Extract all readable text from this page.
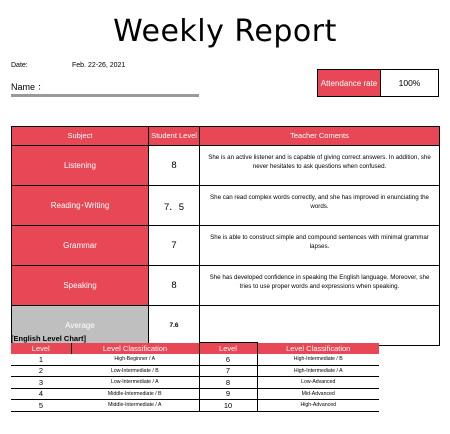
Weekly Report
Date:	Feb. 22-26, 2021
Name ：	Attendance rate	100%
Subject	Student Level	Teacher Coments
Listening	8	She is an active listener and is capable of giving correct answers. In addition, she never hesitates to ask questions when confused.
Reading･Writing	7．5	She can read complex words correctly, and she has improved in enunciating the words.
Grammar	7	She is able to construct simple and compound sentences with minimal grammar lapses.
Speaking	8	She has developed confidence in speaking the English language. Moreover, she tries to use proper words and expressions when speaking.
Average	7.6	
[English Level Chart]
Level	Level Classification	Level	Level Classification
1	High-Beginner / A	6	High-Intermediate / B
2	Low-Intermediate / B	7	High-Intermediate / A
3	Low-Intermediate / A	8	Low-Advanced
4	Middle-Intermediate / B	9	Mid-Advanced
5	Middle-Intermediate / A	10	High-Advanced
